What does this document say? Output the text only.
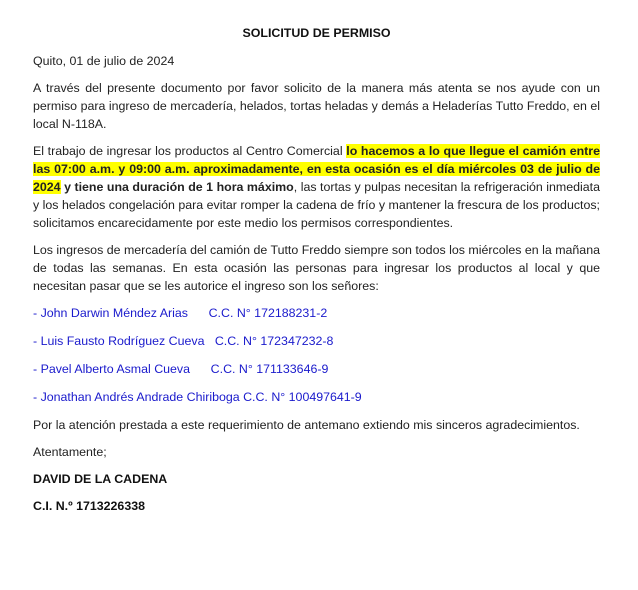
SOLICITUD DE PERMISO

Quito, 01 de julio de 2024

A través del presente documento por favor solicito de la manera más atenta se nos ayude con un permiso para ingreso de mercadería, helados, tortas heladas y demás a Heladerías Tutto Freddo, en el local N-118A.

El trabajo de ingresar los productos al Centro Comercial lo hacemos a lo que llegue el camión entre las 07:00 a.m. y 09:00 a.m. aproximadamente, en esta ocasión es el día miércoles 03 de julio de 2024 y tiene una duración de 1 hora máximo, las tortas y pulpas necesitan la refrigeración inmediata y los helados congelación para evitar romper la cadena de frío y mantener la frescura de los productos; solicitamos encarecidamente por este medio los permisos correspondientes.

Los ingresos de mercadería del camión de Tutto Freddo siempre son todos los miércoles en la mañana de todas las semanas. En esta ocasión las personas para ingresar los productos al local y que necesitan pasar que se les autorice el ingreso son los señores:

- John Darwin Méndez Arias      C.C. N° 172188231-2
- Luis Fausto Rodríguez Cueva   C.C. N° 172347232-8
- Pavel Alberto Asmal Cueva      C.C. N° 171133646-9
- Jonathan Andrés Andrade Chiriboga C.C. N° 100497641-9

Por la atención prestada a este requerimiento de antemano extiendo mis sinceros agradecimientos.

Atentamente;

DAVID DE LA CADENA
C.I. N.º 1713226338
